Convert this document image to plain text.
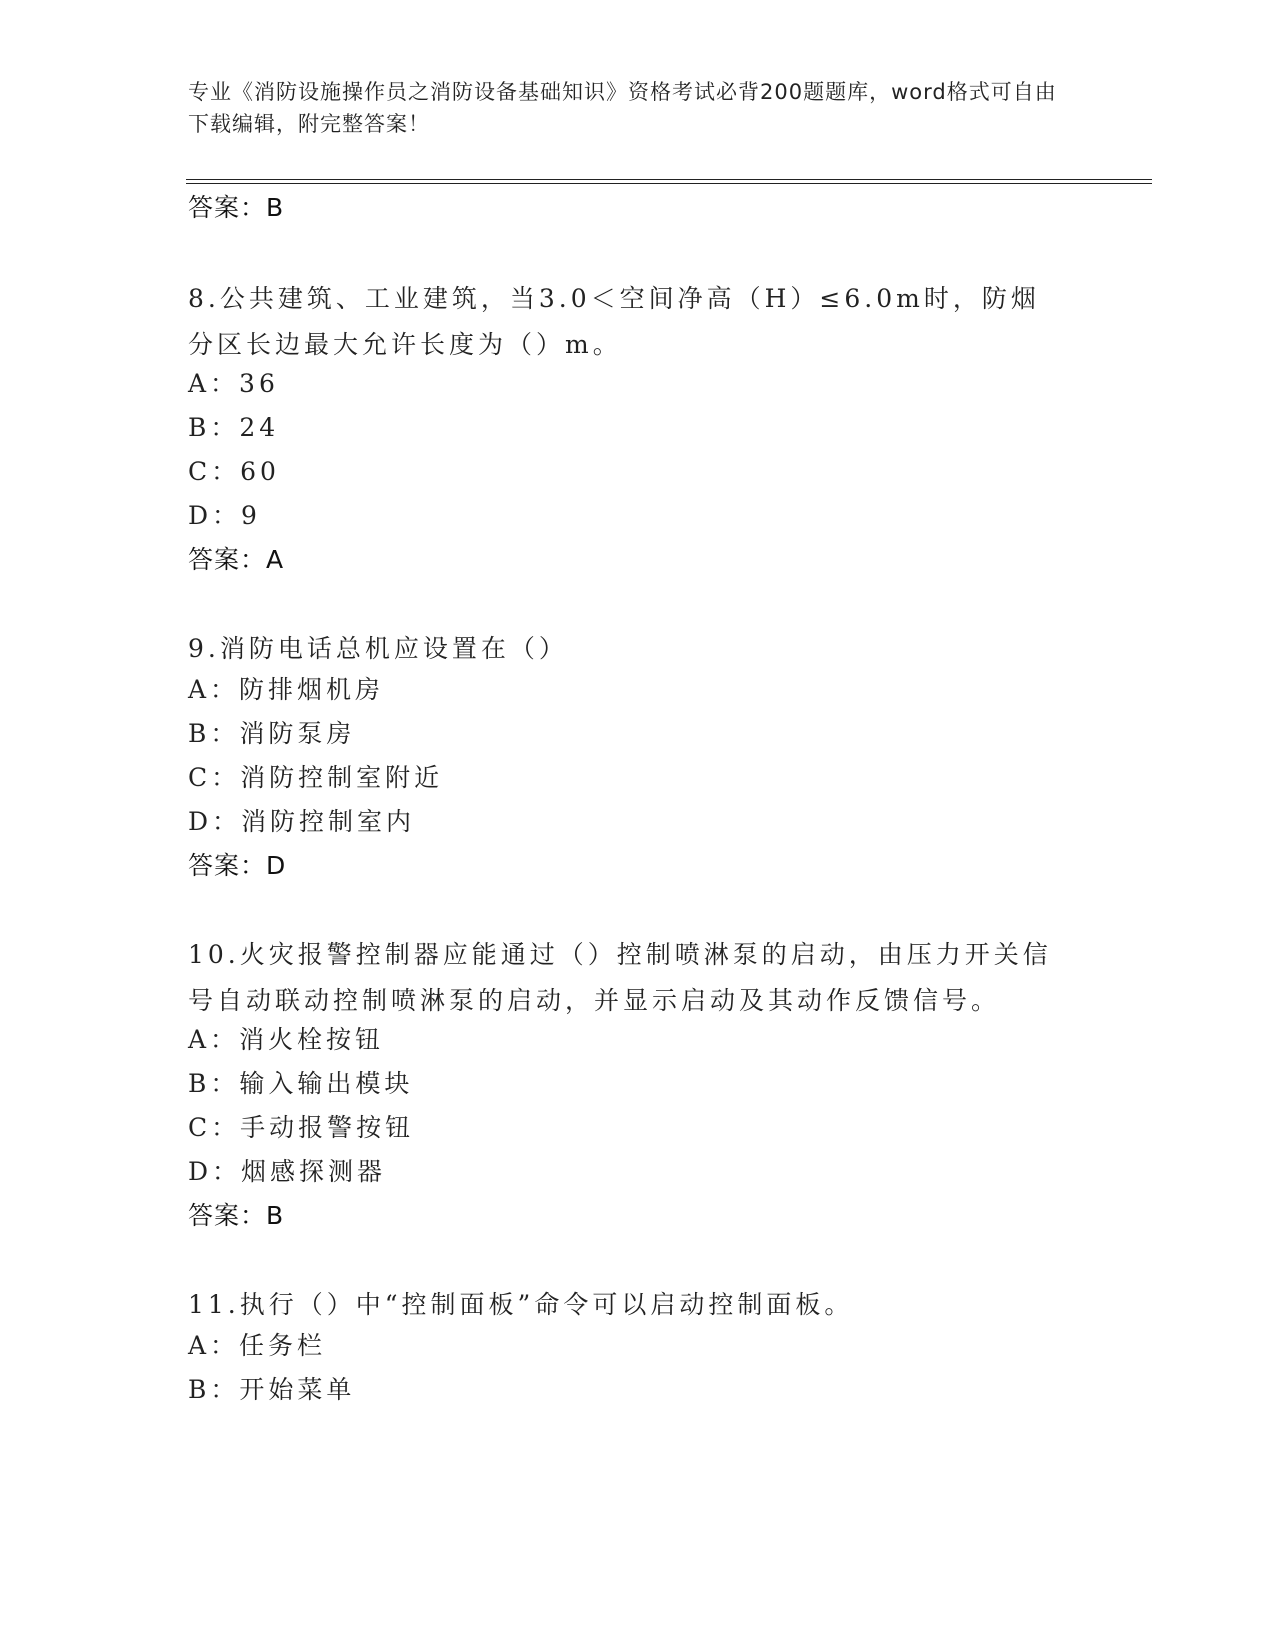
专业《消防设施操作员之消防设备基础知识》资格考试必背200题题库，word格式可自由下载编辑，附完整答案！
答案：B
8.公共建筑、工业建筑，当3.0＜空间净高（H）≤6.0m时，防烟分区长边最大允许长度为（）m。
A：36
B：24
C：60
D：9
答案：A
9.消防电话总机应设置在（）
A：防排烟机房
B：消防泵房
C：消防控制室附近
D：消防控制室内
答案：D
10.火灾报警控制器应能通过（）控制喷淋泵的启动，由压力开关信号自动联动控制喷淋泵的启动，并显示启动及其动作反馈信号。
A：消火栓按钮
B：输入输出模块
C：手动报警按钮
D：烟感探测器
答案：B
11.执行（）中“控制面板”命令可以启动控制面板。
A：任务栏
B：开始菜单
